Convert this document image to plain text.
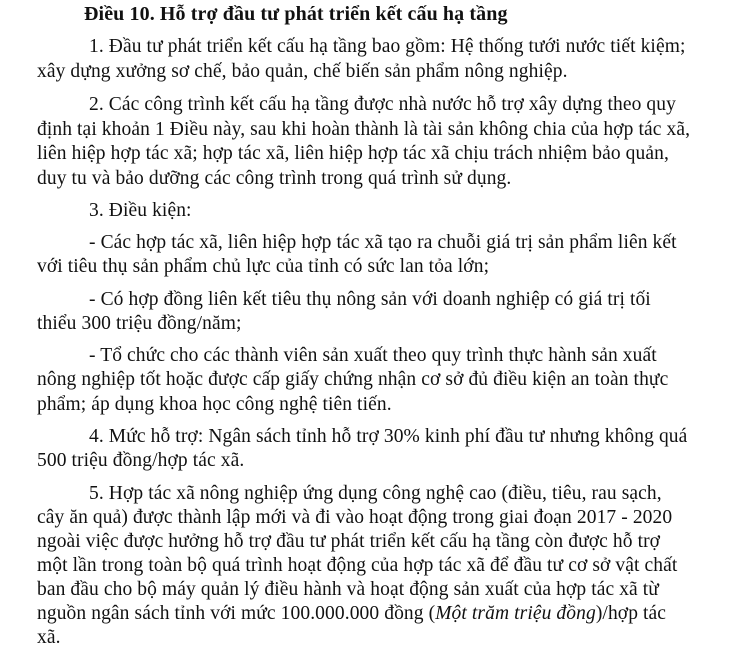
Điều 10. Hỗ trợ đầu tư phát triển kết cấu hạ tầng
1. Đầu tư phát triển kết cấu hạ tầng bao gồm: Hệ thống tưới nước tiết kiệm;
xây dựng xưởng sơ chế, bảo quản, chế biến sản phẩm nông nghiệp.
2. Các công trình kết cấu hạ tầng được nhà nước hỗ trợ xây dựng theo quy
định tại khoản 1 Điều này, sau khi hoàn thành là tài sản không chia của hợp tác xã,
liên hiệp hợp tác xã; hợp tác xã, liên hiệp hợp tác xã chịu trách nhiệm bảo quản,
duy tu và bảo dưỡng các công trình trong quá trình sử dụng.
3. Điều kiện:
- Các hợp tác xã, liên hiệp hợp tác xã tạo ra chuỗi giá trị sản phẩm liên kết
với tiêu thụ sản phẩm chủ lực của tỉnh có sức lan tỏa lớn;
- Có hợp đồng liên kết tiêu thụ nông sản với doanh nghiệp có giá trị tối
thiểu 300 triệu đồng/năm;
- Tổ chức cho các thành viên sản xuất theo quy trình thực hành sản xuất
nông nghiệp tốt hoặc được cấp giấy chứng nhận cơ sở đủ điều kiện an toàn thực
phẩm; áp dụng khoa học công nghệ tiên tiến.
4. Mức hỗ trợ: Ngân sách tỉnh hỗ trợ 30% kinh phí đầu tư nhưng không quá
500 triệu đồng/hợp tác xã.
5. Hợp tác xã nông nghiệp ứng dụng công nghệ cao (điều, tiêu, rau sạch,
cây ăn quả) được thành lập mới và đi vào hoạt động trong giai đoạn 2017 - 2020
ngoài việc được hưởng hỗ trợ đầu tư phát triển kết cấu hạ tầng còn được hỗ trợ
một lần trong toàn bộ quá trình hoạt động của hợp tác xã để đầu tư cơ sở vật chất
ban đầu cho bộ máy quản lý điều hành và hoạt động sản xuất của hợp tác xã từ
nguồn ngân sách tỉnh với mức 100.000.000 đồng (Một trăm triệu đồng)/hợp tác
xã.
